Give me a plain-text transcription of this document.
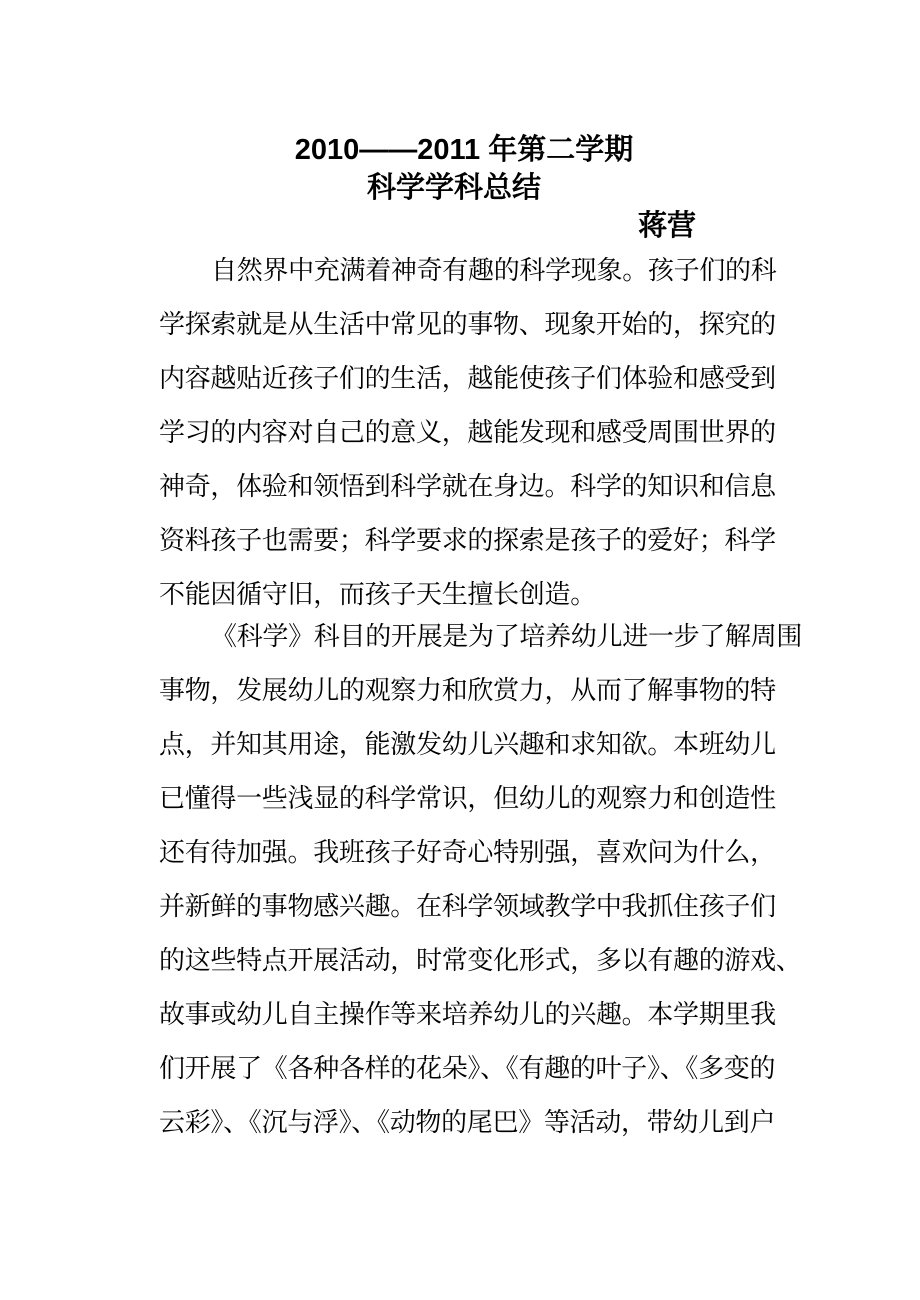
2010——2011 年第二学期
科学学科总结
蒋营
自然界中充满着神奇有趣的科学现象。孩子们的科
学探索就是从生活中常见的事物、现象开始的，探究的
内容越贴近孩子们的生活，越能使孩子们体验和感受到
学习的内容对自己的意义，越能发现和感受周围世界的
神奇，体验和领悟到科学就在身边。科学的知识和信息
资料孩子也需要；科学要求的探索是孩子的爱好；科学
不能因循守旧，而孩子天生擅长创造。
《科学》科目的开展是为了培养幼儿进一步了解周围
事物，发展幼儿的观察力和欣赏力，从而了解事物的特
点，并知其用途，能激发幼儿兴趣和求知欲。本班幼儿
已懂得一些浅显的科学常识，但幼儿的观察力和创造性
还有待加强。我班孩子好奇心特别强，喜欢问为什么，
并新鲜的事物感兴趣。在科学领域教学中我抓住孩子们
的这些特点开展活动，时常变化形式，多以有趣的游戏、
故事或幼儿自主操作等来培养幼儿的兴趣。本学期里我
们开展了《各种各样的花朵》、《有趣的叶子》、《多变的
云彩》、《沉与浮》、《动物的尾巴》等活动，带幼儿到户
